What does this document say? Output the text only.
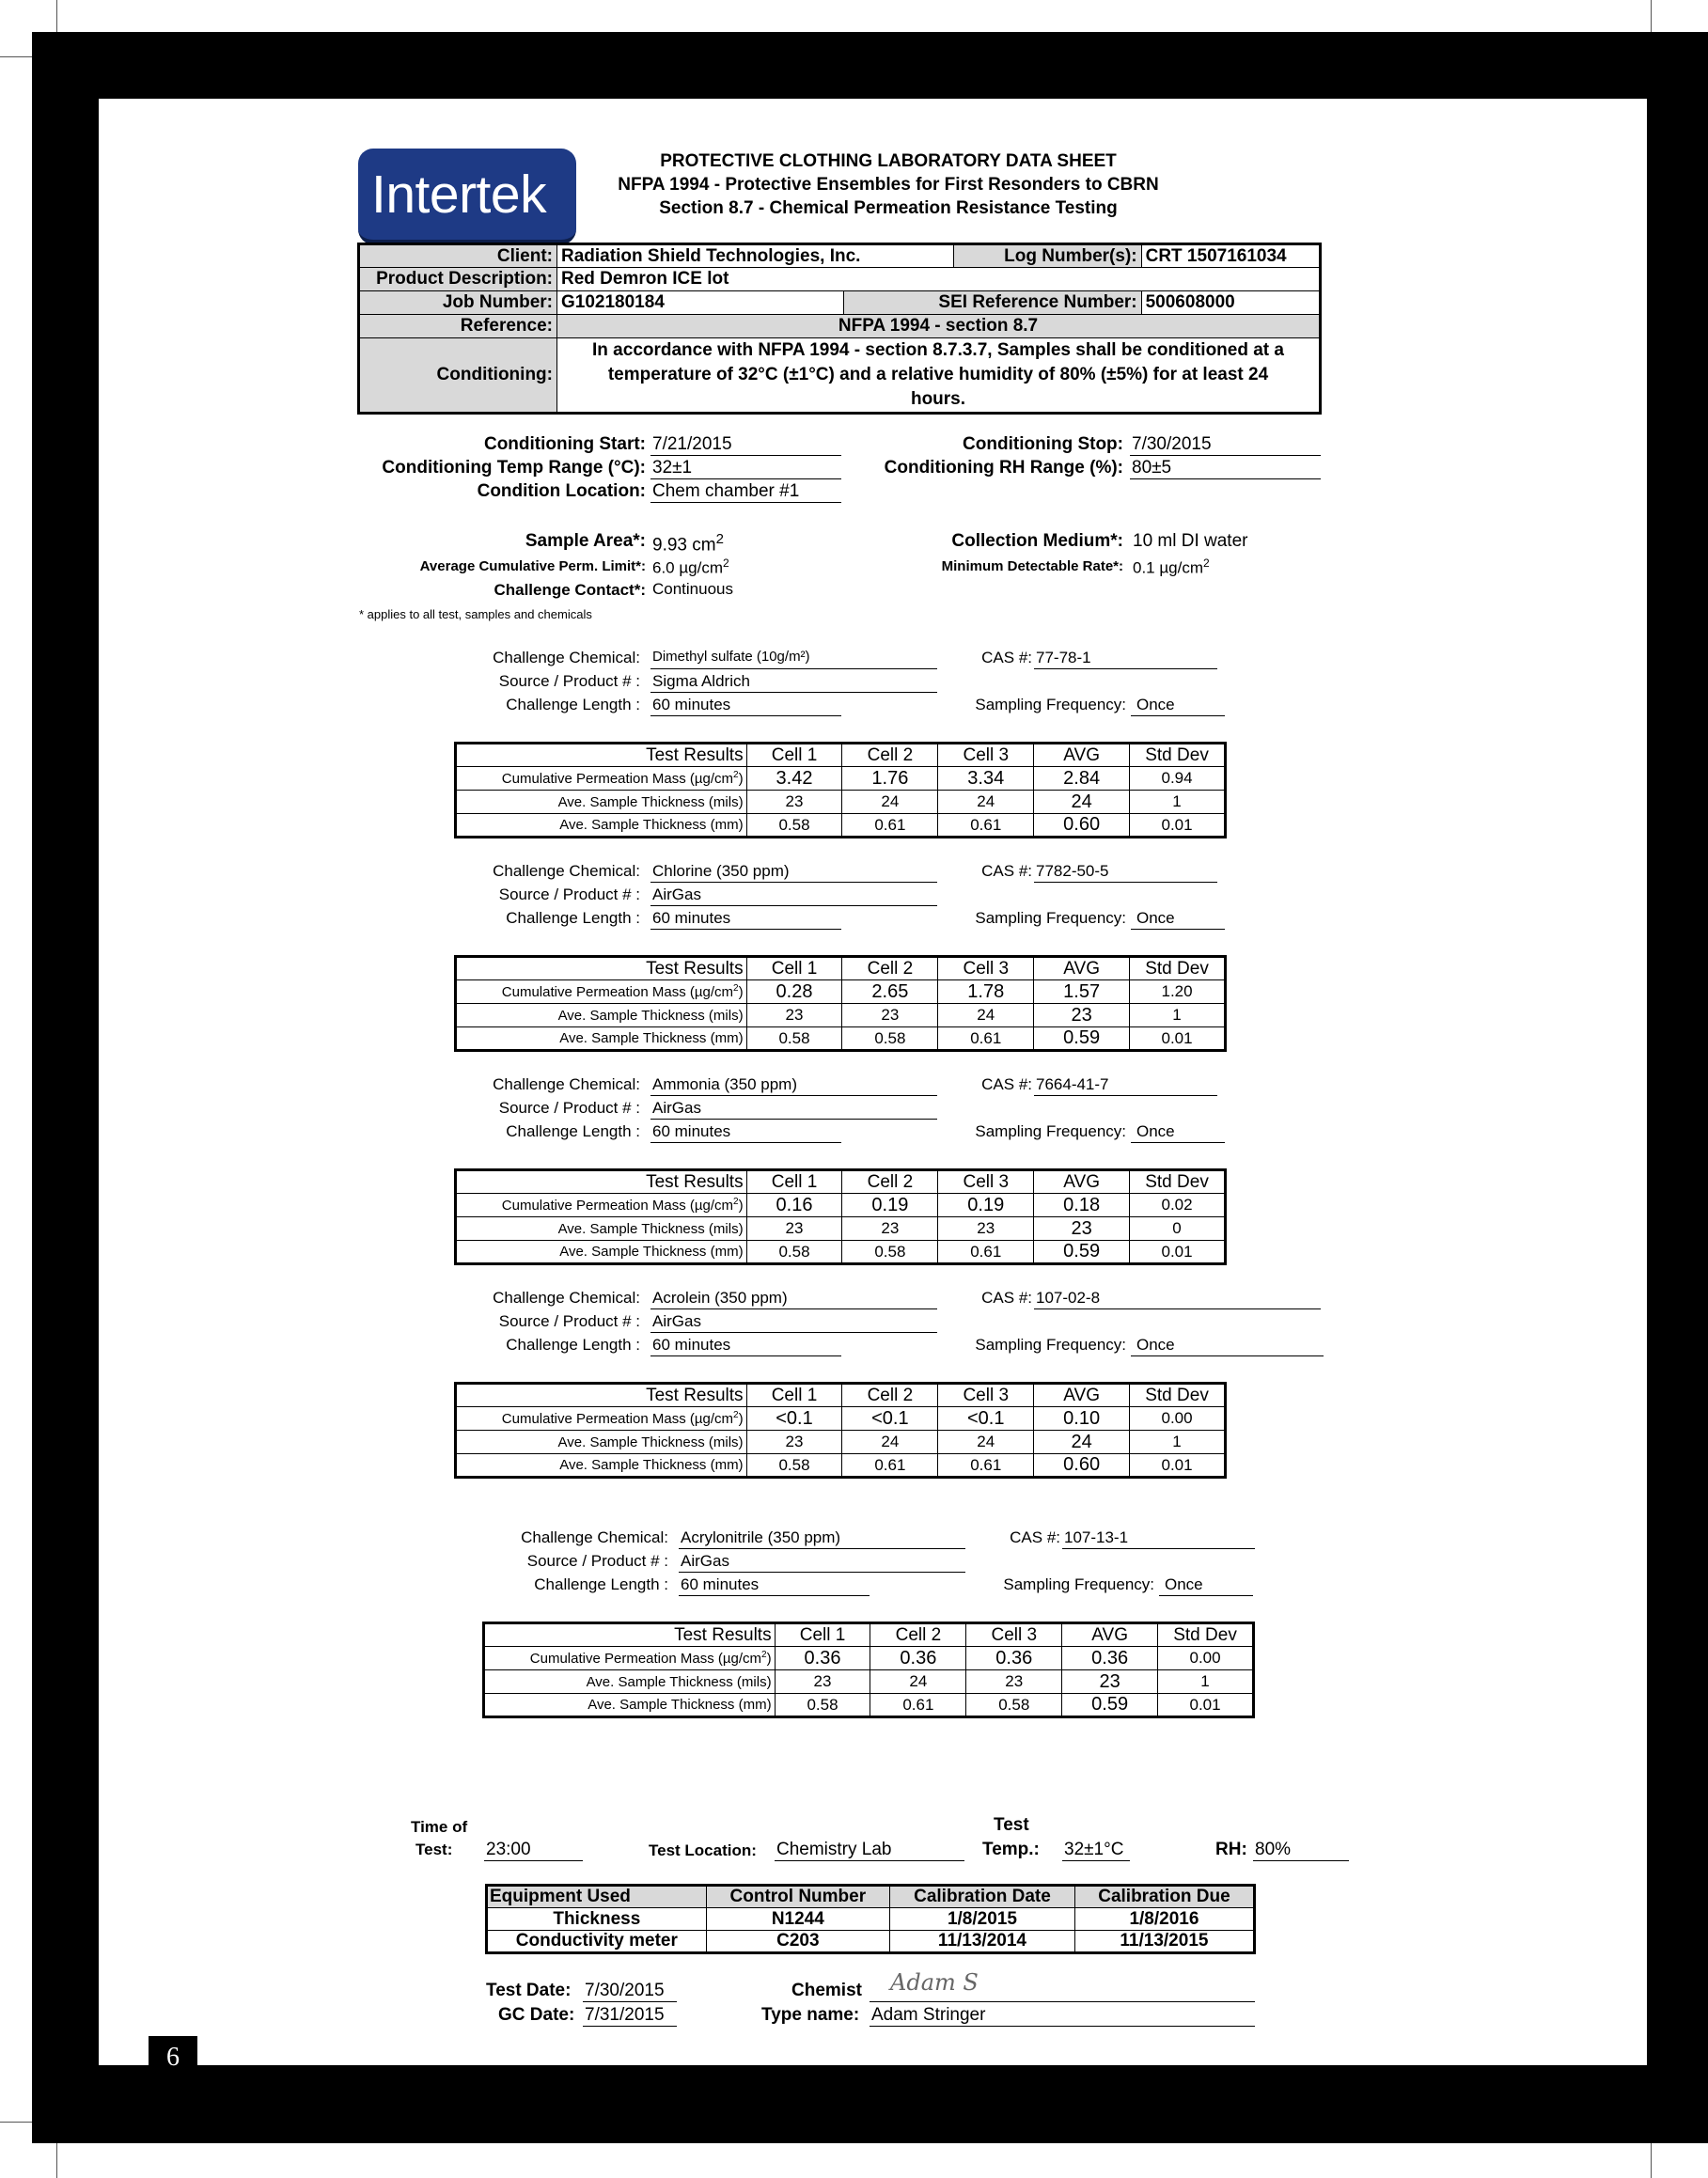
Intertek
PROTECTIVE CLOTHING LABORATORY DATA SHEET
NFPA 1994 - Protective Ensembles for First Resonders to CBRN
Section 8.7 - Chemical Permeation Resistance Testing
Client:	Radiation Shield Technologies, Inc.		Log Number(s):	CRT 1507161034
Product Description:	Red Demron ICE lot			
Job Number:	G102180184	SEI Reference Number:		500608000
Reference:	NFPA 1994 - section 8.7			
Conditioning:	In accordance with NFPA 1994 - section 8.7.3.7, Samples shall be conditioned at a
temperature of 32°C (±1°C) and a relative humidity of 80% (±5%) for at least 24
hours.			
Conditioning Start: 7/21/2015	Conditioning Stop: 7/30/2015
Conditioning Temp Range (°C): 32±1	Conditioning RH Range (%): 80±5
Condition Location: Chem chamber #1
Sample Area*: 9.93 $cm^2$	Collection Medium*: 10 ml DI water
Average Cumulative Perm. Limit*: 6.0 $\mu g/cm^2$	Minimum Detectable Rate*: 0.1 $\mu g/cm^2$
Challenge Contact*: Continuous
* applies to all test, samples and chemicals
Challenge Chemical: Dimethyl sulfate (10g/m²)	CAS #: 77-78-1
Source / Product # : Sigma Aldrich
Challenge Length : 60 minutes	Sampling Frequency: Once
Test Results	Cell 1	Cell 2	Cell 3	AVG	Std Dev
Cumulative Permeation Mass $(\mu g/cm^2)$	3.42	1.76	3.34	2.84	0.94
Ave. Sample Thickness (mils)	23	24	24	24	1
Ave. Sample Thickness (mm)	0.58	0.61	0.61	0.60	0.01
Challenge Chemical: Chlorine (350 ppm)	CAS #: 7782-50-5
Source / Product # : AirGas
Challenge Length : 60 minutes	Sampling Frequency: Once
Test Results	Cell 1	Cell 2	Cell 3	AVG	Std Dev
Cumulative Permeation Mass $(\mu g/cm^2)$	0.28	2.65	1.78	1.57	1.20
Ave. Sample Thickness (mils)	23	23	24	23	1
Ave. Sample Thickness (mm)	0.58	0.58	0.61	0.59	0.01
Challenge Chemical: Ammonia (350 ppm)	CAS #: 7664-41-7
Source / Product # : AirGas
Challenge Length : 60 minutes	Sampling Frequency: Once
Test Results	Cell 1	Cell 2	Cell 3	AVG	Std Dev
Cumulative Permeation Mass $(\mu g/cm^2)$	0.16	0.19	0.19	0.18	0.02
Ave. Sample Thickness (mils)	23	23	23	23	0
Ave. Sample Thickness (mm)	0.58	0.58	0.61	0.59	0.01
Challenge Chemical: Acrolein (350 ppm)	CAS #: 107-02-8
Source / Product # : AirGas
Challenge Length : 60 minutes	Sampling Frequency: Once
Test Results	Cell 1	Cell 2	Cell 3	AVG	Std Dev
Cumulative Permeation Mass $(\mu g/cm^2)$	<0.1	<0.1	<0.1	0.10	0.00
Ave. Sample Thickness (mils)	23	24	24	24	1
Ave. Sample Thickness (mm)	0.58	0.61	0.61	0.60	0.01
Challenge Chemical: Acrylonitrile (350 ppm)	CAS #: 107-13-1
Source / Product # : AirGas
Challenge Length : 60 minutes	Sampling Frequency: Once
Test Results	Cell 1	Cell 2	Cell 3	AVG	Std Dev
Cumulative Permeation Mass $(\mu g/cm^2)$	0.36	0.36	0.36	0.36	0.00
Ave. Sample Thickness (mils)	23	24	23	23	1
Ave. Sample Thickness (mm)	0.58	0.61	0.58	0.59	0.01
Time of
Test: 23:00	Test Location: Chemistry Lab
Test
Temp.: 32±1°C	RH: 80%
Equipment Used	Control Number	Calibration Date	Calibration Due
Thickness	N1244	1/8/2015	1/8/2016
Conductivity meter	C203	11/13/2014	11/13/2015
Test Date: 7/30/2015
GC Date: 7/31/2015
Chemist	Adam S
Type name: Adam Stringer
6
